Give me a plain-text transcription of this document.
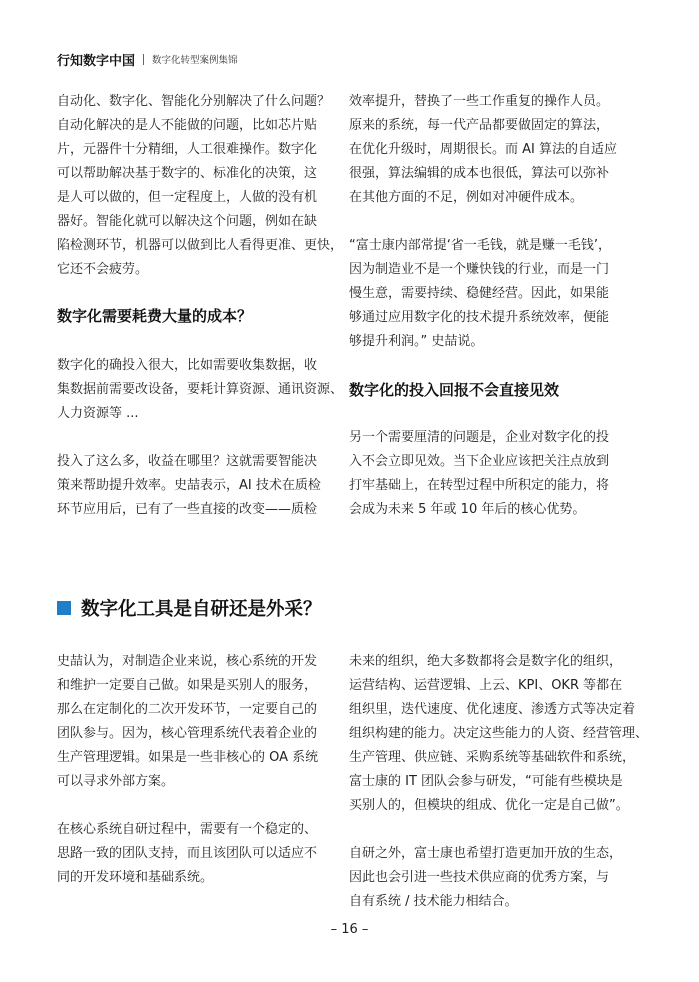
行知数字中国 数字化转型案例集锦
自动化、数字化、智能化分别解决了什么问题？
自动化解决的是人不能做的问题，比如芯片贴
片，元器件十分精细，人工很难操作。数字化
可以帮助解决基于数字的、标准化的决策，这
是人可以做的，但一定程度上，人做的没有机
器好。智能化就可以解决这个问题，例如在缺
陷检测环节，机器可以做到比人看得更准、更快，
它还不会疲劳。
数字化需要耗费大量的成本？
数字化的确投入很大，比如需要收集数据，收
集数据前需要改设备，要耗计算资源、通讯资源、
人力资源等 ...
投入了这么多，收益在哪里？这就需要智能决
策来帮助提升效率。史喆表示，AI 技术在质检
环节应用后，已有了一些直接的改变——质检
效率提升，替换了一些工作重复的操作人员。
原来的系统，每一代产品都要做固定的算法，
在优化升级时，周期很长。而 AI 算法的自适应
很强，算法编辑的成本也很低，算法可以弥补
在其他方面的不足，例如对冲硬件成本。
“富士康内部常提‘省一毛钱，就是赚一毛钱’，
因为制造业不是一个赚快钱的行业，而是一门
慢生意，需要持续、稳健经营。因此，如果能
够通过应用数字化的技术提升系统效率，便能
够提升利润。” 史喆说。
数字化的投入回报不会直接见效
另一个需要厘清的问题是，企业对数字化的投
入不会立即见效。当下企业应该把关注点放到
打牢基础上，在转型过程中所积定的能力，将
会成为未来 5 年或 10 年后的核心优势。
数字化工具是自研还是外采？
史喆认为，对制造企业来说，核心系统的开发
和维护一定要自己做。如果是买别人的服务，
那么在定制化的二次开发环节，一定要自己的
团队参与。因为，核心管理系统代表着企业的
生产管理逻辑。如果是一些非核心的 OA 系统
可以寻求外部方案。
在核心系统自研过程中，需要有一个稳定的、
思路一致的团队支持，而且该团队可以适应不
同的开发环境和基础系统。
未来的组织，绝大多数都将会是数字化的组织，
运营结构、运营逻辑、上云、KPI、OKR 等都在
组织里，迭代速度、优化速度、渗透方式等决定着
组织构建的能力。决定这些能力的人资、经营管理、
生产管理、供应链、采购系统等基础软件和系统，
富士康的 IT 团队会参与研发，“可能有些模块是
买别人的，但模块的组成、优化一定是自己做”。
自研之外，富士康也希望打造更加开放的生态，
因此也会引进一些技术供应商的优秀方案，与
自有系统 / 技术能力相结合。
– 16 –
